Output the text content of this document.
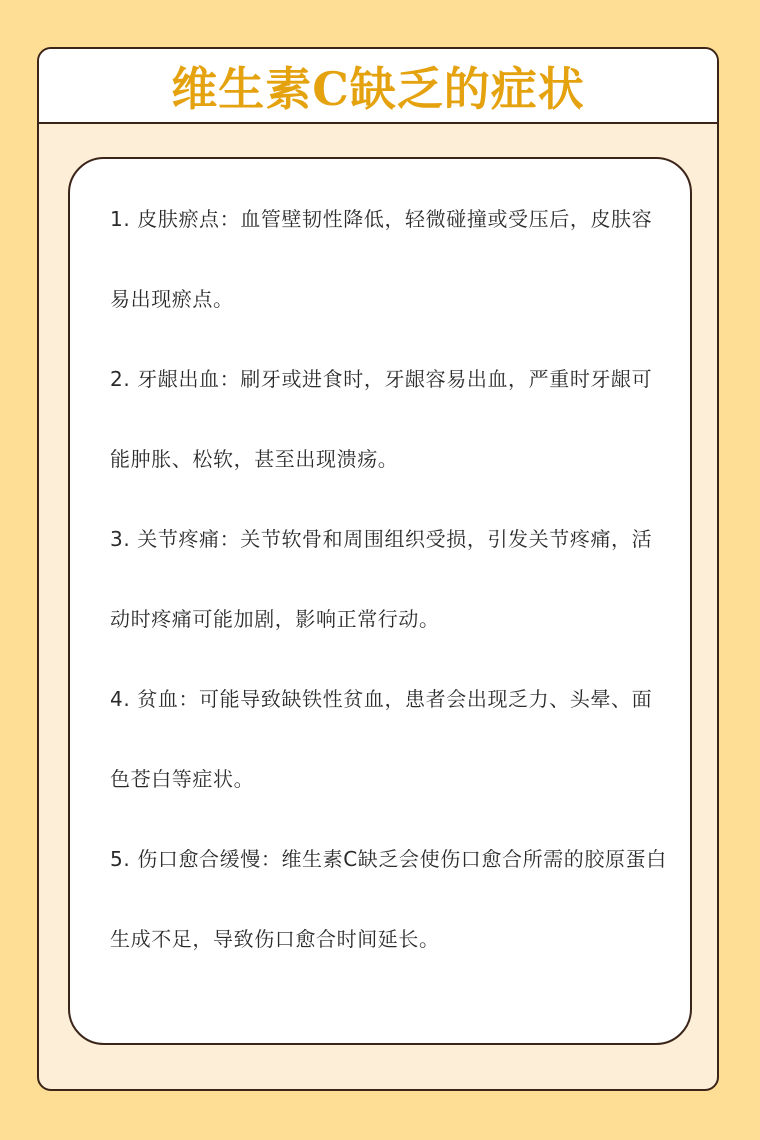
维生素C缺乏的症状

1. 皮肤瘀点：血管壁韧性降低，轻微碰撞或受压后，皮肤容易出现瘀点。

2. 牙龈出血：刷牙或进食时，牙龈容易出血，严重时牙龈可能肿胀、松软，甚至出现溃疡。

3. 关节疼痛：关节软骨和周围组织受损，引发关节疼痛，活动时疼痛可能加剧，影响正常行动。

4. 贫血：可能导致缺铁性贫血，患者会出现乏力、头晕、面色苍白等症状。

5. 伤口愈合缓慢：维生素C缺乏会使伤口愈合所需的胶原蛋白生成不足，导致伤口愈合时间延长。
